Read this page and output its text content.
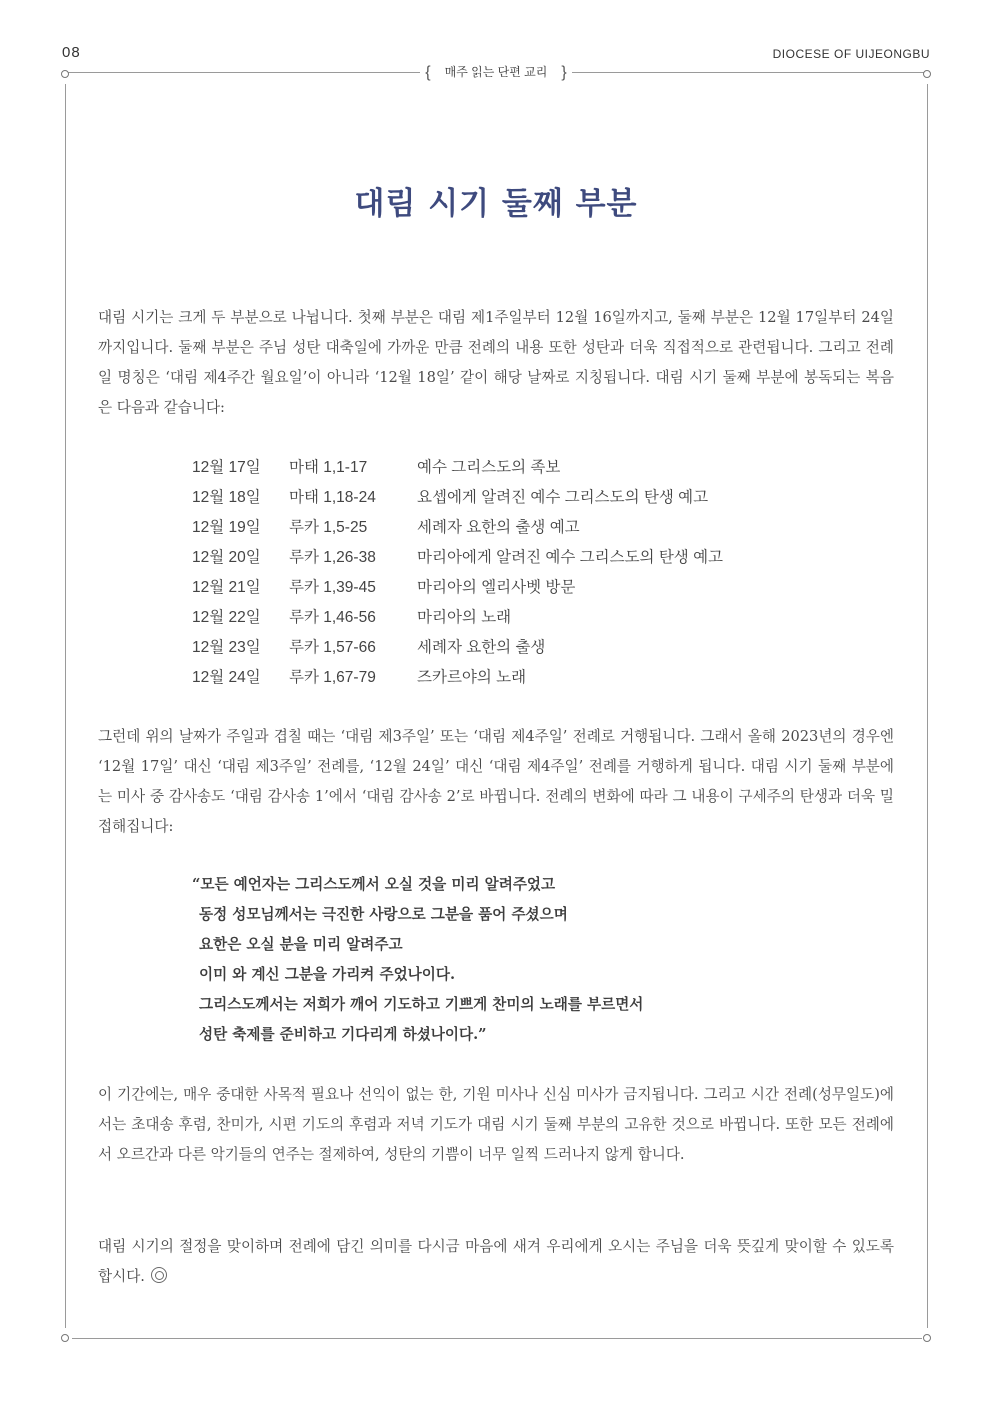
08	DIOCESE OF UIJEONGBU
{ 매주 읽는 단편 교리 }
대림 시기 둘째 부분

대림 시기는 크게 두 부분으로 나뉩니다. 첫째 부분은 대림 제1주일부터 12월 16일까지고, 둘째 부분은 12월 17일부터 24일까지입니다. 둘째 부분은 주님 성탄 대축일에 가까운 만큼 전례의 내용 또한 성탄과 더욱 직접적으로 관련됩니다. 그리고 전례일 명칭은 ‘대림 제4주간 월요일’이 아니라 ‘12월 18일’ 같이 해당 날짜로 지칭됩니다. 대림 시기 둘째 부분에 봉독되는 복음은 다음과 같습니다:

12월 17일	마태 1,1-17	예수 그리스도의 족보
12월 18일	마태 1,18-24	요셉에게 알려진 예수 그리스도의 탄생 예고
12월 19일	루카 1,5-25	세례자 요한의 출생 예고
12월 20일	루카 1,26-38	마리아에게 알려진 예수 그리스도의 탄생 예고
12월 21일	루카 1,39-45	마리아의 엘리사벳 방문
12월 22일	루카 1,46-56	마리아의 노래
12월 23일	루카 1,57-66	세례자 요한의 출생
12월 24일	루카 1,67-79	즈카르야의 노래

그런데 위의 날짜가 주일과 겹칠 때는 ‘대림 제3주일’ 또는 ‘대림 제4주일’ 전례로 거행됩니다. 그래서 올해 2023년의 경우엔 ‘12월 17일’ 대신 ‘대림 제3주일’ 전례를, ‘12월 24일’ 대신 ‘대림 제4주일’ 전례를 거행하게 됩니다. 대림 시기 둘째 부분에는 미사 중 감사송도 ‘대림 감사송 1’에서 ‘대림 감사송 2’로 바뀝니다. 전례의 변화에 따라 그 내용이 구세주의 탄생과 더욱 밀접해집니다:

“모든 예언자는 그리스도께서 오실 것을 미리 알려주었고
동정 성모님께서는 극진한 사랑으로 그분을 품어 주셨으며
요한은 오실 분을 미리 알려주고
이미 와 계신 그분을 가리켜 주었나이다.
그리스도께서는 저희가 깨어 기도하고 기쁘게 찬미의 노래를 부르면서
성탄 축제를 준비하고 기다리게 하셨나이다.”

이 기간에는, 매우 중대한 사목적 필요나 선익이 없는 한, 기원 미사나 신심 미사가 금지됩니다. 그리고 시간 전례(성무일도)에서는 초대송 후렴, 찬미가, 시편 기도의 후렴과 저녁 기도가 대림 시기 둘째 부분의 고유한 것으로 바뀝니다. 또한 모든 전례에서 오르간과 다른 악기들의 연주는 절제하여, 성탄의 기쁨이 너무 일찍 드러나지 않게 합니다.

대림 시기의 절정을 맞이하며 전례에 담긴 의미를 다시금 마음에 새겨 우리에게 오시는 주님을 더욱 뜻깊게 맞이할 수 있도록 합시다.
